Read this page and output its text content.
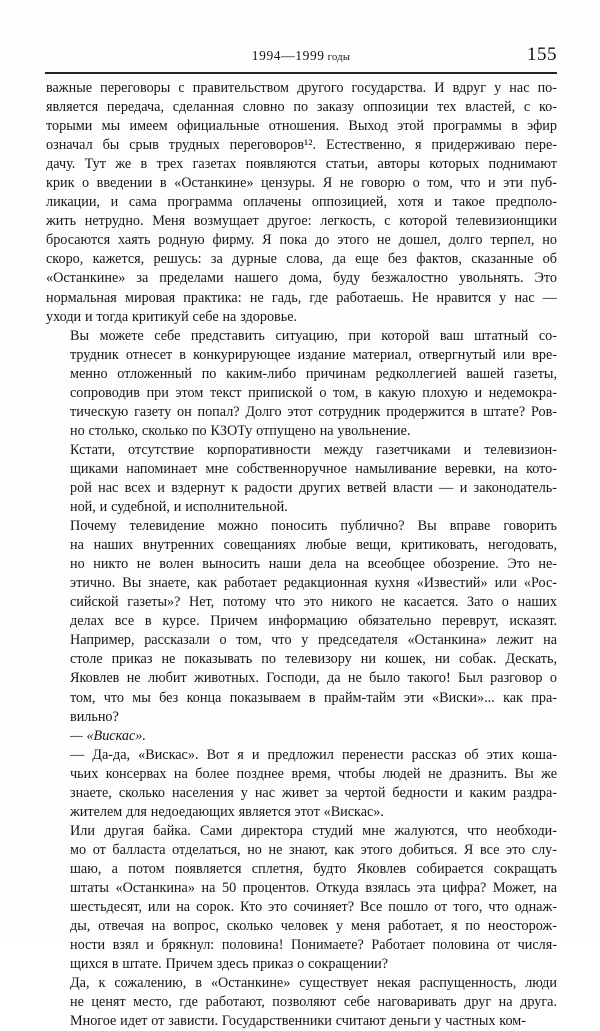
1994—1999 годы	155

важные переговоры с правительством другого государства. И вдруг у нас по-
является передача, сделанная словно по заказу оппозиции тех властей, с ко-
торыми мы имеем официальные отношения. Выход этой программы в эфир
означал бы срыв трудных переговоров¹². Естественно, я придерживаю пере-
дачу. Тут же в трех газетах появляются статьи, авторы которых поднимают
крик о введении в «Останкине» цензуры. Я не говорю о том, что и эти пуб-
ликации, и сама программа оплачены оппозицией, хотя и такое предполо-
жить нетрудно. Меня возмущает другое: легкость, с которой телевизионщики
бросаются хаять родную фирму. Я пока до этого не дошел, долго терпел, но
скоро, кажется, решусь: за дурные слова, да еще без фактов, сказанные об
«Останкине» за пределами нашего дома, буду безжалостно увольнять. Это
нормальная мировая практика: не гадь, где работаешь. Не нравится у нас —
уходи и тогда критикуй себе на здоровье.

Вы можете себе представить ситуацию, при которой ваш штатный со-
трудник отнесет в конкурирующее издание материал, отвергнутый или вре-
менно отложенный по каким-либо причинам редколлегией вашей газеты,
сопроводив при этом текст припиской о том, в какую плохую и недемокра-
тическую газету он попал? Долго этот сотрудник продержится в штате? Ров-
но столько, сколько по КЗОТу отпущено на увольнение.

Кстати, отсутствие корпоративности между газетчиками и телевизион-
щиками напоминает мне собственноручное намыливание веревки, на кото-
рой нас всех и вздернут к радости других ветвей власти — и законодатель-
ной, и судебной, и исполнительной.

Почему телевидение можно поносить публично? Вы вправе говорить
на наших внутренних совещаниях любые вещи, критиковать, негодовать,
но никто не волен выносить наши дела на всеобщее обозрение. Это не-
этично. Вы знаете, как работает редакционная кухня «Известий» или «Рос-
сийской газеты»? Нет, потому что это никого не касается. Зато о наших
делах все в курсе. Причем информацию обязательно переврут, исказят.
Например, рассказали о том, что у председателя «Останкина» лежит на
столе приказ не показывать по телевизору ни кошек, ни собак. Дескать,
Яковлев не любит животных. Господи, да не было такого! Был разговор о
том, что мы без конца показываем в прайм-тайм эти «Виски»... как пра-
вильно?

— «Вискас».

— Да-да, «Вискас». Вот я и предложил перенести рассказ об этих коша-
чьих консервах на более позднее время, чтобы людей не дразнить. Вы же
знаете, сколько населения у нас живет за чертой бедности и каким раздра-
жителем для недоедающих является этот «Вискас».

Или другая байка. Сами директора студий мне жалуются, что необходи-
мо от балласта отделаться, но не знают, как этого добиться. Я все это слу-
шаю, а потом появляется сплетня, будто Яковлев собирается сокращать
штаты «Останкина» на 50 процентов. Откуда взялась эта цифра? Может, на
шестьдесят, или на сорок. Кто это сочиняет? Все пошло от того, что однаж-
ды, отвечая на вопрос, сколько человек у меня работает, я по неосторож-
ности взял и брякнул: половина! Понимаете? Работает половина от числя-
щихся в штате. Причем здесь приказ о сокращении?

Да, к сожалению, в «Останкине» существует некая распущенность, люди
не ценят место, где работают, позволяют себе наговаривать друг на друга.
Многое идет от зависти. Государственники считают деньги у частных ком-
